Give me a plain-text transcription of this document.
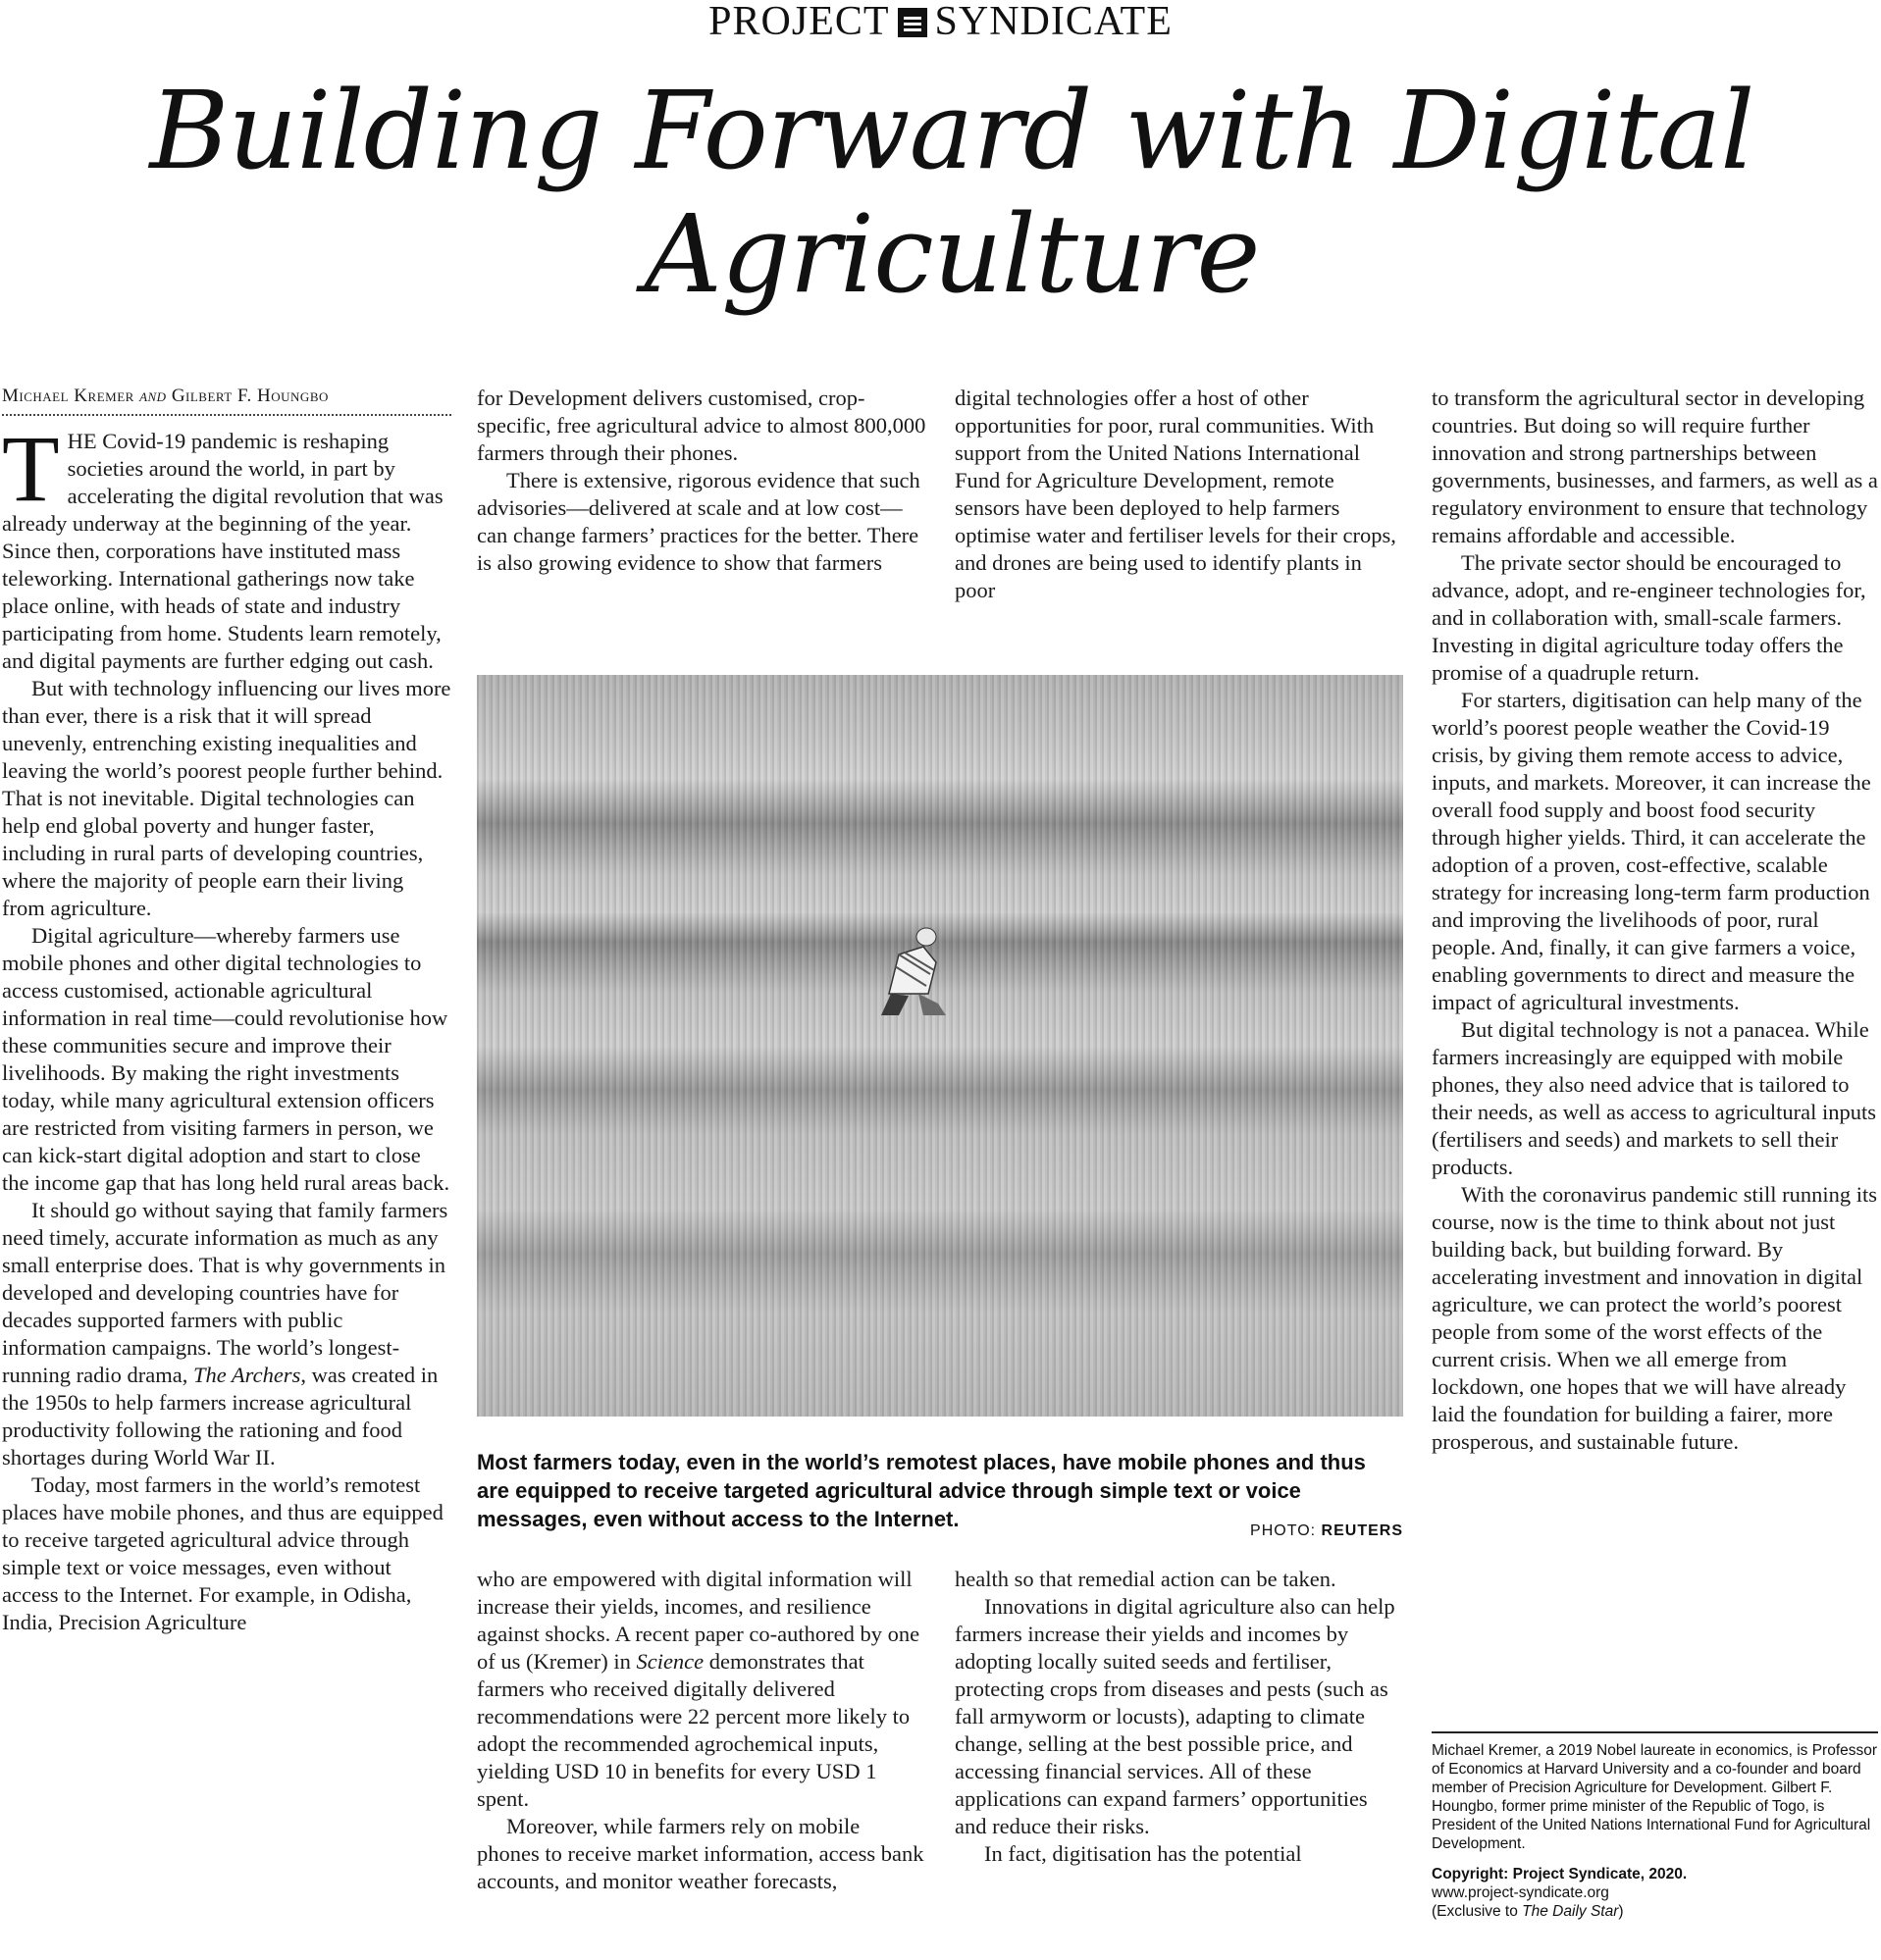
PROJECT SYNDICATE
Building Forward with Digital Agriculture
Michael Kremer and Gilbert F. Houngbo

THE Covid-19 pandemic is reshaping societies around the world, in part by accelerating the digital revolution that was already underway at the beginning of the year. Since then, corporations have instituted mass teleworking. International gatherings now take place online, with heads of state and industry participating from home. Students learn remotely, and digital payments are further edging out cash.

But with technology influencing our lives more than ever, there is a risk that it will spread unevenly, entrenching existing inequalities and leaving the world’s poorest people further behind. That is not inevitable. Digital technologies can help end global poverty and hunger faster, including in rural parts of developing countries, where the majority of people earn their living from agriculture.

Digital agriculture—whereby farmers use mobile phones and other digital technologies to access customised, actionable agricultural information in real time—could revolutionise how these communities secure and improve their livelihoods. By making the right investments today, while many agricultural extension officers are restricted from visiting farmers in person, we can kick-start digital adoption and start to close the income gap that has long held rural areas back.

It should go without saying that family farmers need timely, accurate information as much as any small enterprise does. That is why governments in developed and developing countries have for decades supported farmers with public information campaigns. The world’s longest-running radio drama, The Archers, was created in the 1950s to help farmers increase agricultural productivity following the rationing and food shortages during World War II.

Today, most farmers in the world’s remotest places have mobile phones, and thus are equipped to receive targeted agricultural advice through simple text or voice messages, even without access to the Internet. For example, in Odisha, India, Precision Agriculture

for Development delivers customised, crop-specific, free agricultural advice to almost 800,000 farmers through their phones.

There is extensive, rigorous evidence that such advisories—delivered at scale and at low cost—can change farmers’ practices for the better. There is also growing evidence to show that farmers

digital technologies offer a host of other opportunities for poor, rural communities. With support from the United Nations International Fund for Agriculture Development, remote sensors have been deployed to help farmers optimise water and fertiliser levels for their crops, and drones are being used to identify plants in poor

Most farmers today, even in the world’s remotest places, have mobile phones and thus are equipped to receive targeted agricultural advice through simple text or voice messages, even without access to the Internet.	PHOTO: REUTERS

who are empowered with digital information will increase their yields, incomes, and resilience against shocks. A recent paper co-authored by one of us (Kremer) in Science demonstrates that farmers who received digitally delivered recommendations were 22 percent more likely to adopt the recommended agrochemical inputs, yielding USD 10 in benefits for every USD 1 spent.

Moreover, while farmers rely on mobile phones to receive market information, access bank accounts, and monitor weather forecasts,

health so that remedial action can be taken.

Innovations in digital agriculture also can help farmers increase their yields and incomes by adopting locally suited seeds and fertiliser, protecting crops from diseases and pests (such as fall armyworm or locusts), adapting to climate change, selling at the best possible price, and accessing financial services. All of these applications can expand farmers’ opportunities and reduce their risks.

In fact, digitisation has the potential

to transform the agricultural sector in developing countries. But doing so will require further innovation and strong partnerships between governments, businesses, and farmers, as well as a regulatory environment to ensure that technology remains affordable and accessible.

The private sector should be encouraged to advance, adopt, and re-engineer technologies for, and in collaboration with, small-scale farmers. Investing in digital agriculture today offers the promise of a quadruple return.

For starters, digitisation can help many of the world’s poorest people weather the Covid-19 crisis, by giving them remote access to advice, inputs, and markets. Moreover, it can increase the overall food supply and boost food security through higher yields. Third, it can accelerate the adoption of a proven, cost-effective, scalable strategy for increasing long-term farm production and improving the livelihoods of poor, rural people. And, finally, it can give farmers a voice, enabling governments to direct and measure the impact of agricultural investments.

But digital technology is not a panacea. While farmers increasingly are equipped with mobile phones, they also need advice that is tailored to their needs, as well as access to agricultural inputs (fertilisers and seeds) and markets to sell their products.

With the coronavirus pandemic still running its course, now is the time to think about not just building back, but building forward. By accelerating investment and innovation in digital agriculture, we can protect the world’s poorest people from some of the worst effects of the current crisis. When we all emerge from lockdown, one hopes that we will have already laid the foundation for building a fairer, more prosperous, and sustainable future.

Michael Kremer, a 2019 Nobel laureate in economics, is Professor of Economics at Harvard University and a co-founder and board member of Precision Agriculture for Development. Gilbert F. Houngbo, former prime minister of the Republic of Togo, is President of the United Nations International Fund for Agricultural Development.

Copyright: Project Syndicate, 2020.

www.project-syndicate.org

(Exclusive to The Daily Star)
